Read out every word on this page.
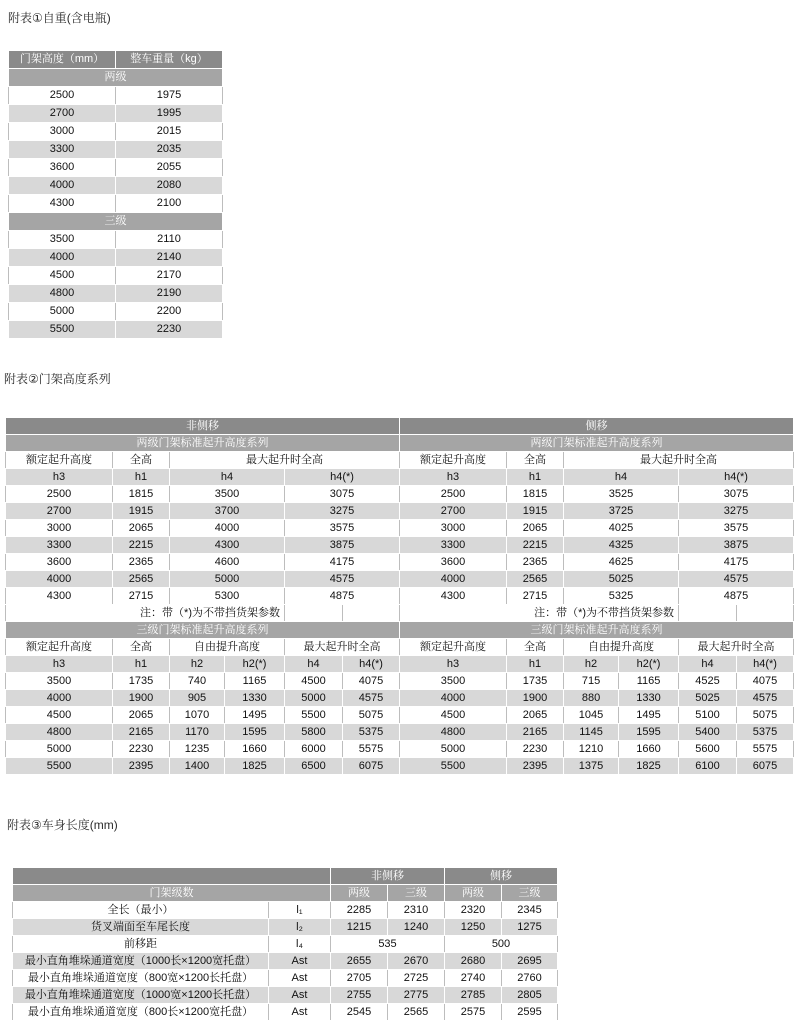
附表①自重(含电瓶)
门架高度（mm）	整车重量（kg）
两级	
2500	1975
2700	1995
3000	2015
3300	2035
3600	2055
4000	2080
4300	2100
三级	
3500	2110
4000	2140
4500	2170
4800	2190
5000	2200
5500	2230
附表②门架高度系列
非侧移						侧移					
两级门架标准起升高度系列						两级门架标准起升高度系列					
额定起升高度	全高	最大起升时全高				额定起升高度	全高	最大起升时全高			
h3	h1	h4		h4(*)		h3	h1	h4		h4(*)	
2500	1815	3500		3075		2500	1815	3525		3075	
2700	1915	3700		3275		2700	1915	3725		3275	
3000	2065	4000		3575		3000	2065	4025		3575	
3300	2215	4300		3875		3300	2215	4325		3875	
3600	2365	4600		4175		3600	2365	4625		4175	
4000	2565	5000		4575		4000	2565	5025		4575	
4300	2715	5300		4875		4300	2715	5325		4875	
注：带（*)为不带挡货架参数						注：带（*)为不带挡货架参数					
三级门架标准起升高度系列						三级门架标准起升高度系列					
额定起升高度	全高	自由提升高度		最大起升时全高		额定起升高度	全高	自由提升高度		最大起升时全高	
h3	h1	h2	h2(*)	h4	h4(*)	h3	h1	h2	h2(*)	h4	h4(*)
3500	1735	740	1165	4500	4075	3500	1735	715	1165	4525	4075
4000	1900	905	1330	5000	4575	4000	1900	880	1330	5025	4575
4500	2065	1070	1495	5500	5075	4500	2065	1045	1495	5100	5075
4800	2165	1170	1595	5800	5375	4800	2165	1145	1595	5400	5375
5000	2230	1235	1660	6000	5575	5000	2230	1210	1660	5600	5575
5500	2395	1400	1825	6500	6075	5500	2395	1375	1825	6100	6075
附表③车身长度(mm)
		非侧移		侧移	
门架级数		两级	三级	两级	三级
全长（最小）	l₁	2285	2310	2320	2345
货叉端面至车尾长度	l₂	1215	1240	1250	1275
前移距	l₄	535		500	
最小直角堆垛通道宽度（1000长×1200宽托盘）	Ast	2655	2670	2680	2695
最小直角堆垛通道宽度（800宽×1200长托盘）	Ast	2705	2725	2740	2760
最小直角堆垛通道宽度（1000宽×1200长托盘）	Ast	2755	2775	2785	2805
最小直角堆垛通道宽度（800长×1200宽托盘）	Ast	2545	2565	2575	2595
